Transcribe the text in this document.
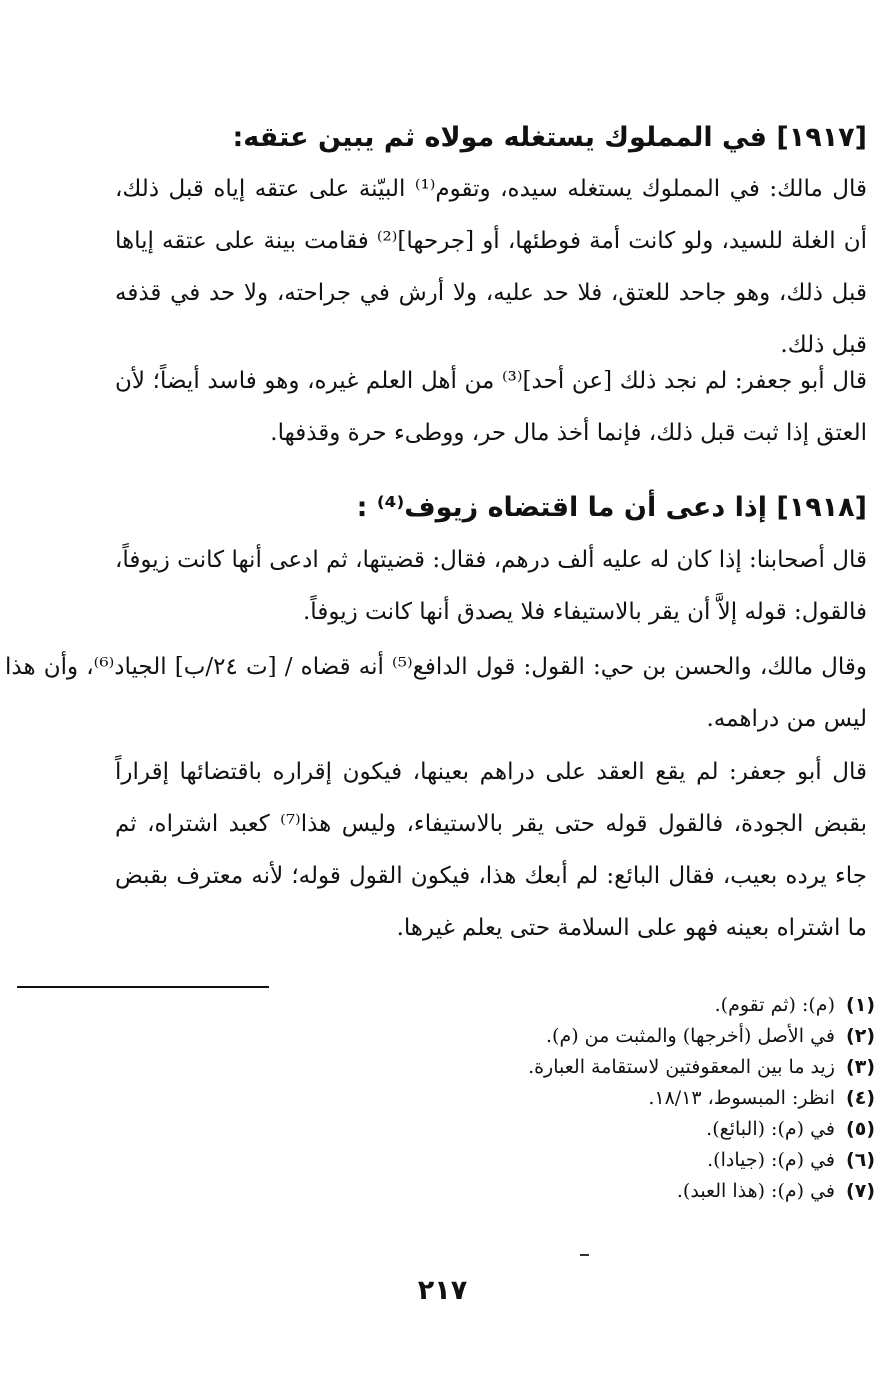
[١٩١٧] في المملوك يستغله مولاه ثم يبين عتقه:
قال مالك: في المملوك يستغله سيده، وتقوم⁽¹⁾ البيّنة على عتقه إياه قبل ذلك، أن الغلة للسيد، ولو كانت أمة فوطئها، أو [جرحها]⁽²⁾ فقامت بينة على عتقه إياها قبل ذلك، وهو جاحد للعتق، فلا حد عليه، ولا أرش في جراحته، ولا حد في قذفه قبل ذلك.
قال أبو جعفر: لم نجد ذلك [عن أحد]⁽³⁾ من أهل العلم غيره، وهو فاسد أيضاً؛ لأن العتق إذا ثبت قبل ذلك، فإنما أخذ مال حر، ووطىء حرة وقذفها.
[١٩١٨] إذا دعى أن ما اقتضاه زيوف⁽⁴⁾ :
قال أصحابنا: إذا كان له عليه ألف درهم، فقال: قضيتها، ثم ادعى أنها كانت زيوفاً، فالقول: قوله إلاَّ أن يقر بالاستيفاء فلا يصدق أنها كانت زيوفاً.
وقال مالك، والحسن بن حي: القول: قول الدافع⁽⁵⁾ أنه قضاه / [ت ٢٤/ب] الجياد⁽⁶⁾، وأن هذا ليس من دراهمه.
قال أبو جعفر: لم يقع العقد على دراهم بعينها، فيكون إقراره باقتضائها إقراراً بقبض الجودة، فالقول قوله حتى يقر بالاستيفاء، وليس هذا⁽⁷⁾ كعبد اشتراه، ثم جاء يرده بعيب، فقال البائع: لم أبعك هذا، فيكون القول قوله؛ لأنه معترف بقبض ما اشتراه بعينه فهو على السلامة حتى يعلم غيرها.
(١)(م): (ثم تقوم).
(٢)في الأصل (أخرجها) والمثبت من (م).
(٣)زيد ما بين المعقوفتين لاستقامة العبارة.
(٤)انظر: المبسوط، ١٨/١٣.
(٥)في (م): (البائع).
(٦)في (م): (جيادا).
(٧)في (م): (هذا العبد).
٢١٧
